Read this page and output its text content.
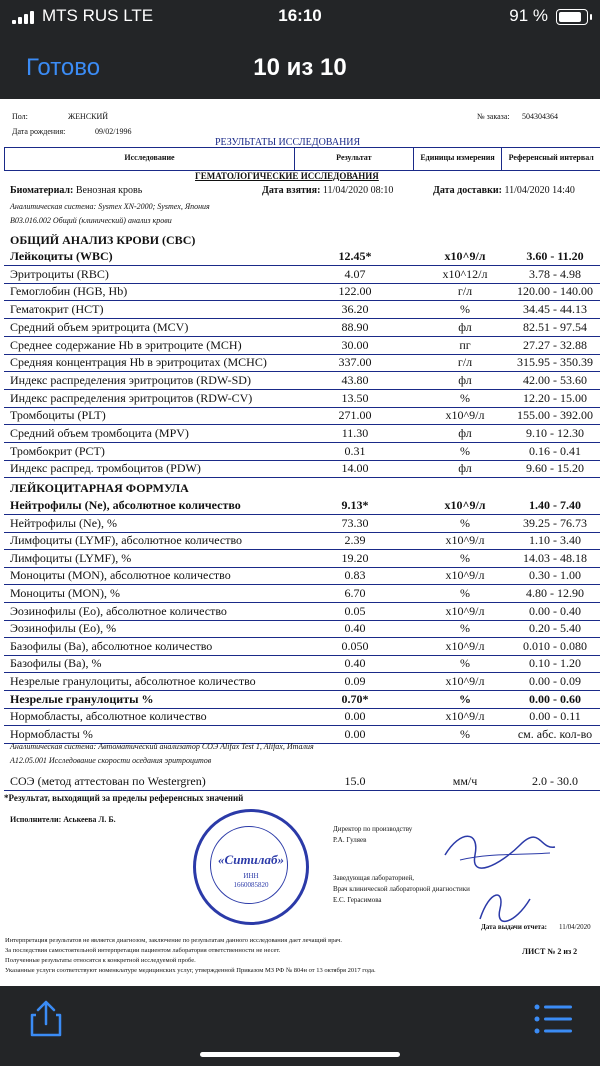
MTS RUS LTE	16:10	91 %
Готово	10 из 10
Пол:	ЖЕНСКИЙ
Дата рождения:	09/02/1996
№ заказа: 504304364
РЕЗУЛЬТАТЫ ИССЛЕДОВАНИЯ
Исследование	Результат	Единицы измерения	Референсный интервал
ГЕМАТОЛОГИЧЕСКИЕ ИССЛЕДОВАНИЯ
Биоматериал: Венозная кровь	Дата взятия: 11/04/2020 08:10	Дата доставки: 11/04/2020 14:40
Аналитическая система: Sysmex XN-2000; Sysmex, Япония
В03.016.002 Общий (клинический) анализ крови
ОБЩИЙ АНАЛИЗ КРОВИ (CBC)
Лейкоциты (WBC)	12.45*	x10^9/л	3.60 - 11.20
Эритроциты (RBC)	4.07	x10^12/л	3.78 - 4.98
Гемоглобин (HGB, Hb)	122.00	г/л	120.00 - 140.00
Гематокрит (HCT)	36.20	%	34.45 - 44.13
Средний объем эритроцита (MCV)	88.90	фл	82.51 - 97.54
Среднее содержание Hb в эритроците (MCH)	30.00	пг	27.27 - 32.88
Средняя концентрация Hb в эритроцитах (MCHC)	337.00	г/л	315.95 - 350.39
Индекс распределения эритроцитов (RDW-SD)	43.80	фл	42.00 - 53.60
Индекс распределения эритроцитов (RDW-CV)	13.50	%	12.20 - 15.00
Тромбоциты (PLT)	271.00	x10^9/л	155.00 - 392.00
Средний объем тромбоцита (MPV)	11.30	фл	9.10 - 12.30
Тромбокрит (PCT)	0.31	%	0.16 - 0.41
Индекс распред. тромбоцитов (PDW)	14.00	фл	9.60 - 15.20
ЛЕЙКОЦИТАРНАЯ ФОРМУЛА
Нейтрофилы (Ne), абсолютное количество	9.13*	x10^9/л	1.40 - 7.40
Нейтрофилы (Ne), %	73.30	%	39.25 - 76.73
Лимфоциты (LYMF), абсолютное количество	2.39	x10^9/л	1.10 - 3.40
Лимфоциты (LYMF), %	19.20	%	14.03 - 48.18
Моноциты (MON), абсолютное количество	0.83	x10^9/л	0.30 - 1.00
Моноциты (MON), %	6.70	%	4.80 - 12.90
Эозинофилы (Eo), абсолютное количество	0.05	x10^9/л	0.00 - 0.40
Эозинофилы (Eo), %	0.40	%	0.20 - 5.40
Базофилы (Ba), абсолютное количество	0.050	x10^9/л	0.010 - 0.080
Базофилы (Ba), %	0.40	%	0.10 - 1.20
Незрелые гранулоциты, абсолютное количество	0.09	x10^9/л	0.00 - 0.09
Незрелые гранулоциты %	0.70*	%	0.00 - 0.60
Нормобласты, абсолютное количество	0.00	x10^9/л	0.00 - 0.11
Нормобласты %	0.00	%	см. абс. кол-во
Аналитическая система: Автоматический анализатор СОЭ Alifax Test 1, Alifax, Италия
А12.05.001 Исследование скорости оседания эритроцитов
СОЭ (метод аттестован по Westergren)	15.0	мм/ч	2.0 - 30.0
*Результат, выходящий за пределы референсных значений
Исполнители: Аськеева Л. Б.
«Ситилаб»
ИНН
1660085820
Директор по производству
Р.А. Гуляев
Заведующая лабораторией,
Врач клинической лабораторной диагностики
Е.С. Герасимова
Дата выдачи отчета: 11/04/2020
ЛИСТ № 2 из 2
Интерпретация результатов не является диагнозом, заключение по результатам данного исследования дает лечащий врач.
За последствия самостоятельной интерпретации пациентом лаборатория ответственности не несет.
Полученные результаты относятся к конкретной исследуемой пробе.
Указанные услуги соответствуют номенклатуре медицинских услуг, утвержденной Приказом МЗ РФ № 804н от 13 октября 2017 года.
